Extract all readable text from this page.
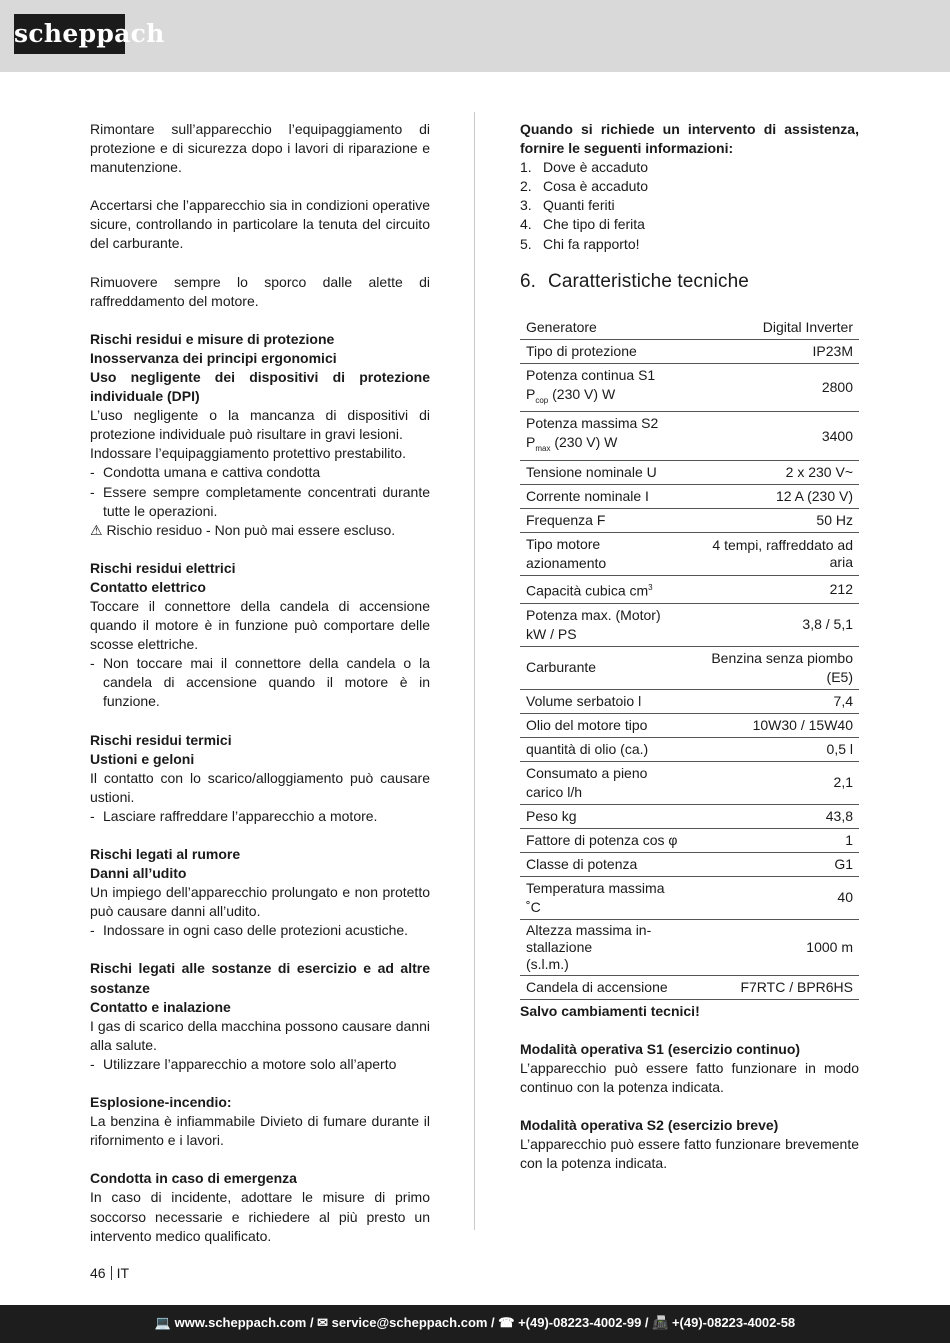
scheppach

Rimontare sull’apparecchio l’equipaggiamento di protezione e di sicurezza dopo i lavori di riparazione e manutenzione.

Accertarsi che l’apparecchio sia in condizioni operative sicure, controllando in particolare la tenuta del circuito del carburante.

Rimuovere sempre lo sporco dalle alette di raffreddamento del motore.

Rischi residui e misure di protezione
Inosservanza dei principi ergonomici

Uso negligente dei dispositivi di protezione individuale (DPI)

L’uso negligente o la mancanza di dispositivi di protezione individuale può risultare in gravi lesioni.

Indossare l’equipaggiamento protettivo prestabilito.

- Condotta umana e cattiva condotta
- Essere sempre completamente concentrati durante tutte le operazioni.
⚠ Rischio residuo - Non può mai essere escluso.
Rischi residui elettrici
Contatto elettrico

Toccare il connettore della candela di accensione quando il motore è in funzione può comportare delle scosse elettriche.

- Non toccare mai il connettore della candela o la candela di accensione quando il motore è in funzione.
Rischi residui termici
Ustioni e geloni

Il contatto con lo scarico/alloggiamento può causare ustioni.

- Lasciare raffreddare l’apparecchio a motore.
Rischi legati al rumore
Danni all’udito

Un impiego dell’apparecchio prolungato e non protetto può causare danni all’udito.

- Indossare in ogni caso delle protezioni acustiche.

Rischi legati alle sostanze di esercizio e ad altre sostanze

Contatto e inalazione

I gas di scarico della macchina possono causare danni alla salute.

- Utilizzare l’apparecchio a motore solo all’aperto
Esplosione-incendio:

La benzina è infiammabile Divieto di fumare durante il rifornimento e i lavori.

Condotta in caso di emergenza

In caso di incidente, adottare le misure di primo soccorso necessarie e richiedere al più presto un intervento medico qualificato.

Quando si richiede un intervento di assistenza, fornire le seguenti informazioni:

1. Dove è accaduto
2. Cosa è accaduto
3. Quanti feriti
4. Che tipo di ferita
5. Chi fa rapporto!
6. Caratteristiche tecniche
Generatore	Digital Inverter
Tipo di protezione	IP23M
Potenza continua S1
$P_{cop}$ (230 V) W	2800
Potenza massima S2
$P_{max}$ (230 V) W	3400
Tensione nominale U	2 x 230 V~
Corrente nominale I	12 A (230 V)
Frequenza F	50 Hz
Tipo motore
azionamento	4 tempi, raffreddato ad aria
Capacità cubica $cm^3$	212
Potenza max. (Motor)
kW / PS	3,8 / 5,1
Carburante	Benzina senza piombo
(E5)
Volume serbatoio l	7,4
Olio del motore tipo	10W30 / 15W40
quantità di olio (ca.)	0,5 l
Consumato a pieno
carico l/h	2,1
Peso kg	43,8
Fattore di potenza cos φ	1
Classe di potenza	G1
Temperatura massima
˚C	40
Altezza massima in-
stallazione
(s.l.m.)	1000 m
Candela di accensione	F7RTC / BPR6HS
Salvo cambiamenti tecnici!
Modalità operativa S1 (esercizio continuo)

L’apparecchio può essere fatto funzionare in modo continuo con la potenza indicata.

Modalità operativa S2 (esercizio breve)

L’apparecchio può essere fatto funzionare brevemente con la potenza indicata.

46 IT
💻 www.scheppach.com / ✉ service@scheppach.com / ☎ +(49)-08223-4002-99 / 📠 +(49)-08223-4002-58
